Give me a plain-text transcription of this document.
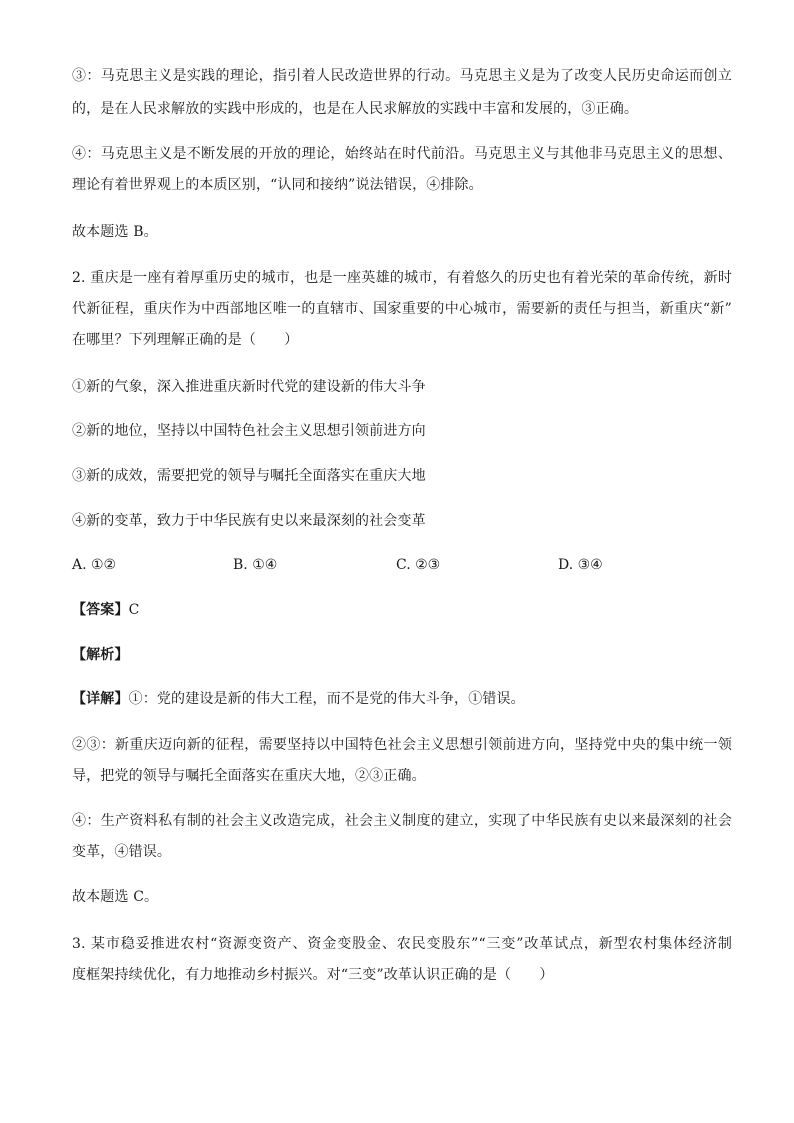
③：马克思主义是实践的理论，指引着人民改造世界的行动。马克思主义是为了改变人民历史命运而创立
的，是在人民求解放的实践中形成的，也是在人民求解放的实践中丰富和发展的，③正确。
④：马克思主义是不断发展的开放的理论，始终站在时代前沿。马克思主义与其他非马克思主义的思想、
理论有着世界观上的本质区别，“认同和接纳”说法错误，④排除。
故本题选 B。
2. 重庆是一座有着厚重历史的城市，也是一座英雄的城市，有着悠久的历史也有着光荣的革命传统，新时
代新征程，重庆作为中西部地区唯一的直辖市、国家重要的中心城市，需要新的责任与担当，新重庆“新”
在哪里？下列理解正确的是（　　）
①新的气象，深入推进重庆新时代党的建设新的伟大斗争
②新的地位，坚持以中国特色社会主义思想引领前进方向
③新的成效，需要把党的领导与嘱托全面落实在重庆大地
④新的变革，致力于中华民族有史以来最深刻的社会变革
A. ①②	B. ①④	C. ②③	D. ③④
【答案】C
【解析】
【详解】①：党的建设是新的伟大工程，而不是党的伟大斗争，①错误。
②③：新重庆迈向新的征程，需要坚持以中国特色社会主义思想引领前进方向，坚持党中央的集中统一领
导，把党的领导与嘱托全面落实在重庆大地，②③正确。
④：生产资料私有制的社会主义改造完成，社会主义制度的建立，实现了中华民族有史以来最深刻的社会
变革，④错误。
故本题选 C。
3. 某市稳妥推进农村“资源变资产、资金变股金、农民变股东”“三变”改革试点，新型农村集体经济制
度框架持续优化，有力地推动乡村振兴。对“三变”改革认识正确的是（　　）
